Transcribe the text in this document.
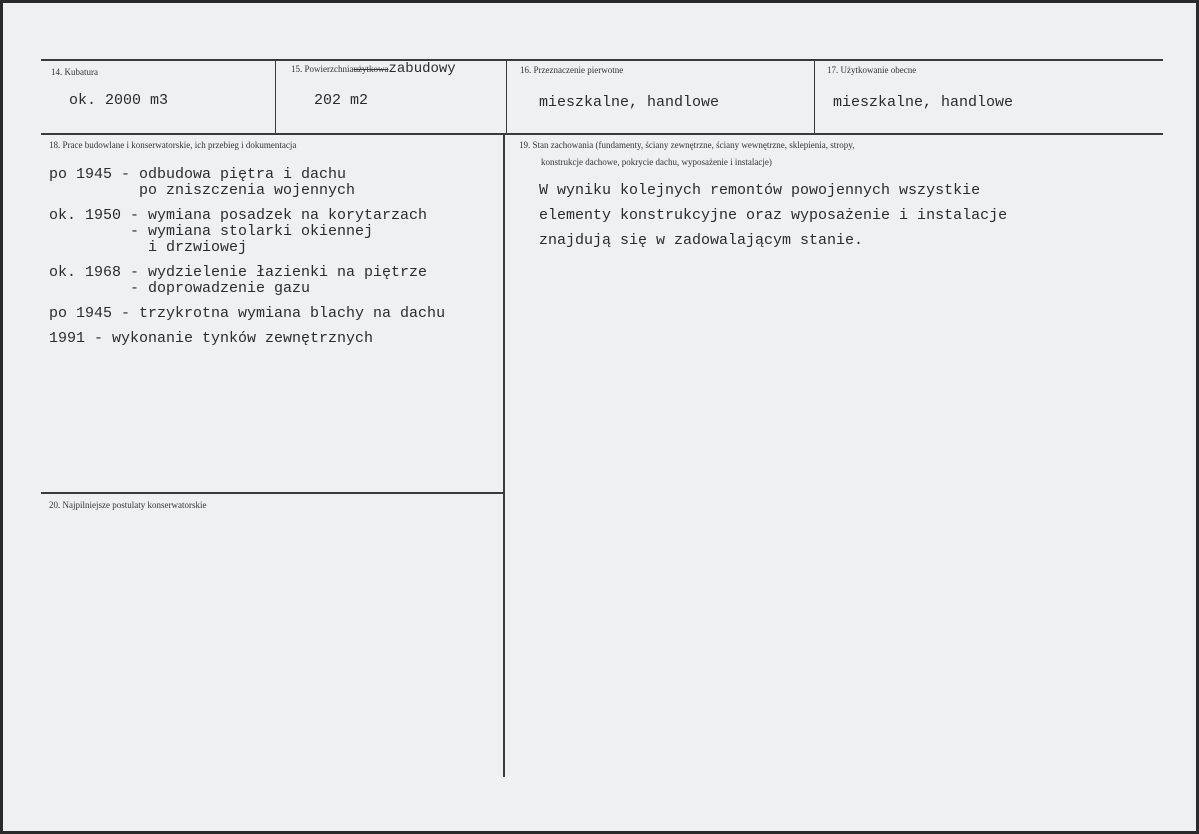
14. Kubatura
ok. 2000 m3
15. Powierzchniaużytkowazabudowy
202 m2
16. Przeznaczenie pierwotne
mieszkalne, handlowe
17. Użytkowanie obecne
mieszkalne, handlowe
18. Prace budowlane i konserwatorskie, ich przebieg i dokumentacja
po 1945 - odbudowa piętra i dachu
po zniszczenia wojennych
ok. 1950 - wymiana posadzek na korytarzach
- wymiana stolarki okiennej
i drzwiowej
ok. 1968 - wydzielenie łazienki na piętrze
- doprowadzenie gazu
po 1945 - trzykrotna wymiana blachy na dachu
1991 - wykonanie tynków zewnętrznych
19. Stan zachowania (fundamenty, ściany zewnętrzne, ściany wewnętrzne, sklepienia, stropy,
konstrukcje dachowe, pokrycie dachu, wyposażenie i instalacje)
W wyniku kolejnych remontów powojennych wszystkie
elementy konstrukcyjne oraz wyposażenie i instalacje
znajdują się w zadowalającym stanie.
20. Najpilniejsze postulaty konserwatorskie
